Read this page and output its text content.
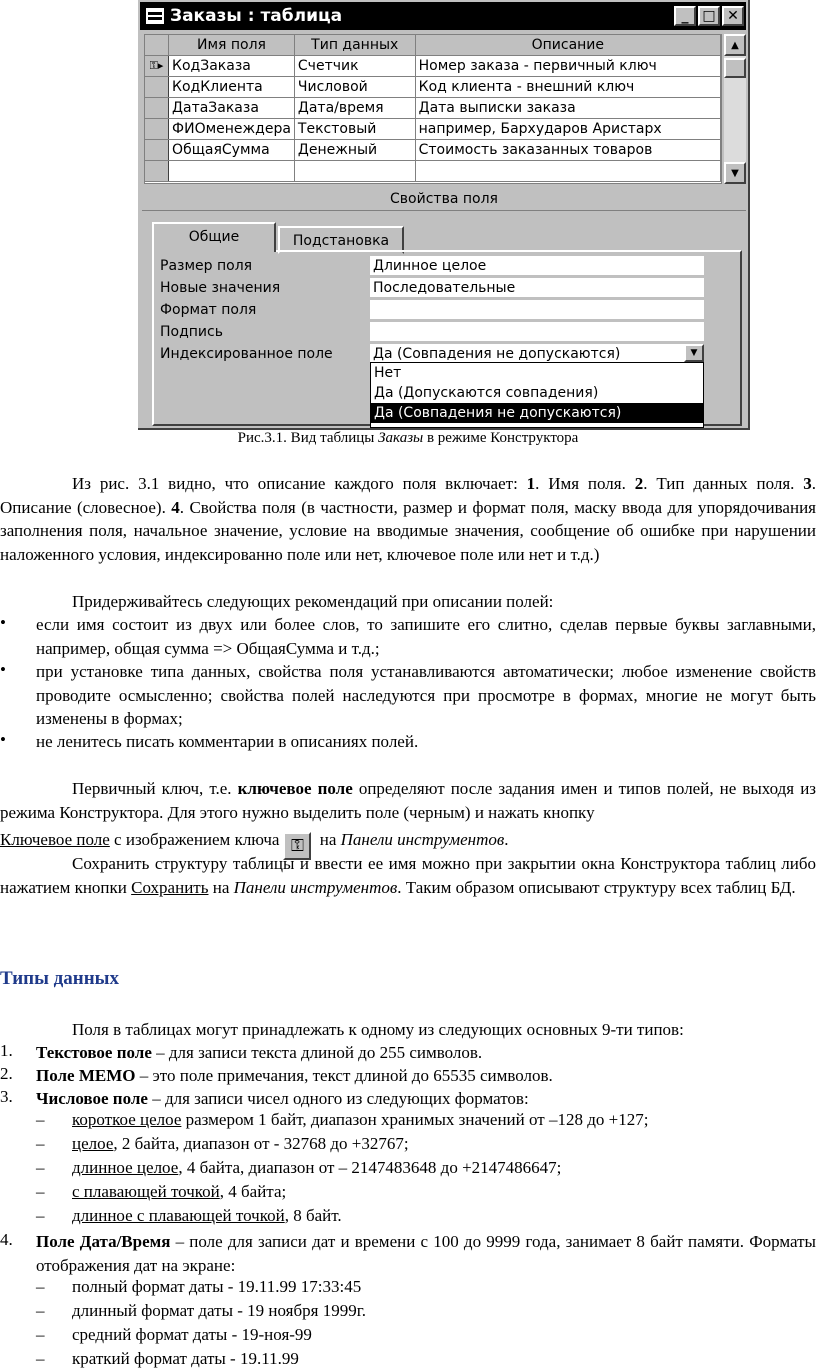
Заказы : таблица	_ □ ✕
	Имя поля	Тип данных	Описание
⚿▸	КодЗаказа	Счетчик	Номер заказа - первичный ключ
	КодКлиента	Числовой	Код клиента - внешний ключ
	ДатаЗаказа	Дата/время	Дата выписки заказа
	ФИОменеждера	Текстовый	например, Бархударов Аристарх
	ОбщаяСумма	Денежный	Стоимость заказанных товаров

▲
▼
Свойства поля
Общие	Подстановка
Размер поля	Длинное целое
Новые значения	Последовательные
Формат поля
Подпись
Индексированное поле	Да (Совпадения не допускаются)	▼
Нет
Да (Допускаются совпадения)
Да (Совпадения не допускаются)
Рис.3.1. Вид таблицы Заказы в режиме Конструктора
Из рис. 3.1 видно, что описание каждого поля включает: 1. Имя поля. 2. Тип данных поля. 3. Описание (словесное). 4. Свойства поля (в частности, размер и формат поля, маску ввода для упорядочивания заполнения поля, начальное значение, условие на вводимые значения, сообщение об ошибке при нарушении наложенного условия, индексированно поле или нет, ключевое поле или нет и т.д.)
Придерживайтесь следующих рекомендаций при описании полей:
• если имя состоит из двух или более слов, то запишите его слитно, сделав первые буквы заглавными, например, общая сумма => ОбщаяСумма и т.д.;
• при установке типа данных, свойства поля устанавливаются автоматически; любое изменение свойств проводите осмысленно; свойства полей наследуются при просмотре в формах, многие не могут быть изменены в формах;
• не ленитесь писать комментарии в описаниях полей.
Первичный ключ, т.е. ключевое поле определяют после задания имен и типов полей, не выходя из режима Конструктора. Для этого нужно выделить поле (черным) и нажать кнопку
Ключевое поле с изображением ключа ⚿ на Панели инструментов.
Сохранить структуру таблицы и ввести ее имя можно при закрытии окна Конструктора таблиц либо нажатием кнопки Сохранить на Панели инструментов. Таким образом описывают структуру всех таблиц БД.
Типы данных
Поля в таблицах могут принадлежать к одному из следующих основных 9-ти типов:
1. Текстовое поле – для записи текста длиной до 255 символов.
2. Поле МЕМО – это поле примечания, текст длиной до 65535 символов.
3. Числовое поле – для записи чисел одного из следующих форматов:
– короткое целое размером 1 байт, диапазон хранимых значений от –128 до +127;
– целое, 2 байта, диапазон от - 32768 до +32767;
– длинное целое, 4 байта, диапазон от – 2147483648 до +2147486647;
– с плавающей точкой, 4 байта;
– длинное с плавающей точкой, 8 байт.
4. Поле Дата/Время – поле для записи дат и времени с 100 до 9999 года, занимает 8 байт памяти. Форматы отображения дат на экране:
– полный формат даты - 19.11.99 17:33:45
– длинный формат даты - 19 ноября 1999г.
– средний формат даты - 19-ноя-99
– краткий формат даты - 19.11.99
